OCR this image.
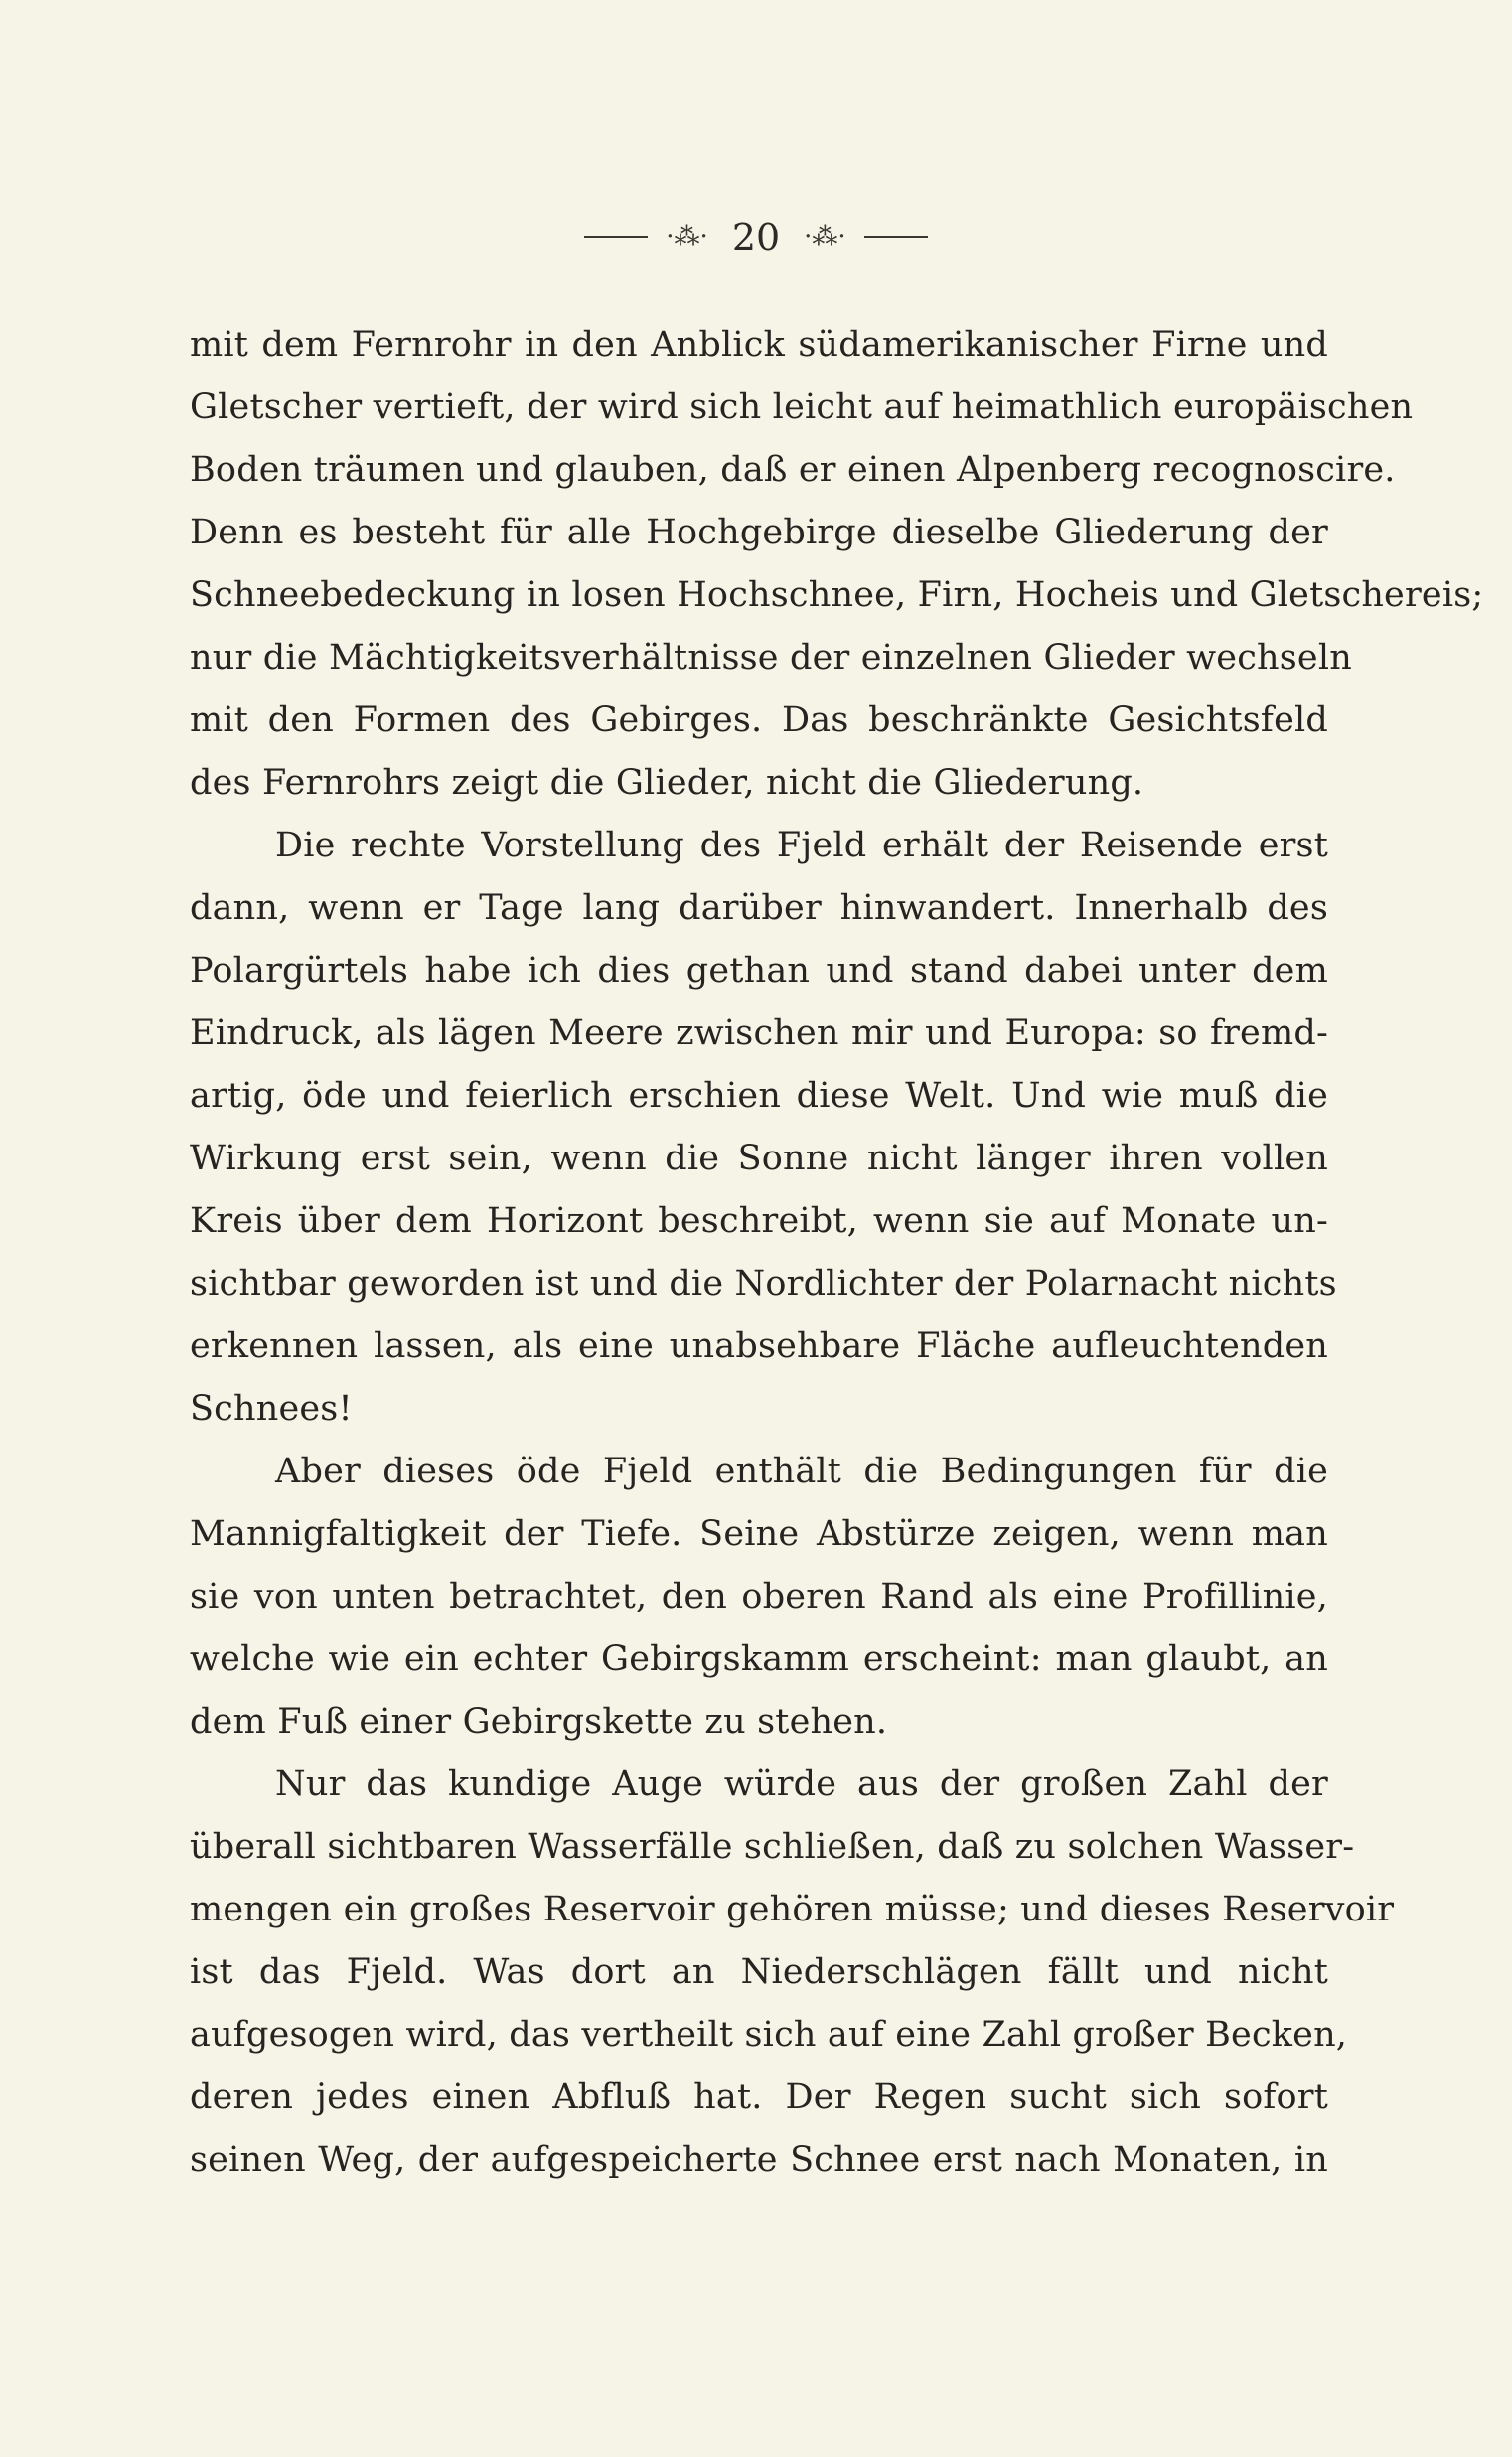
·⁂· 20 ·⁂·
mit dem Fernrohr in den Anblick südamerikanischer Firne und
Gletscher vertieft, der wird sich leicht auf heimathlich europäischen
Boden träumen und glauben, daß er einen Alpenberg recognoscire.
Denn es besteht für alle Hochgebirge dieselbe Gliederung der
Schneebedeckung in losen Hochschnee, Firn, Hocheis und Gletschereis;
nur die Mächtigkeitsverhältnisse der einzelnen Glieder wechseln
mit den Formen des Gebirges. Das beschränkte Gesichtsfeld
des Fernrohrs zeigt die Glieder, nicht die Gliederung.
Die rechte Vorstellung des Fjeld erhält der Reisende erst
dann, wenn er Tage lang darüber hinwandert. Innerhalb des
Polargürtels habe ich dies gethan und stand dabei unter dem
Eindruck, als lägen Meere zwischen mir und Europa: so fremd-
artig, öde und feierlich erschien diese Welt. Und wie muß die
Wirkung erst sein, wenn die Sonne nicht länger ihren vollen
Kreis über dem Horizont beschreibt, wenn sie auf Monate un-
sichtbar geworden ist und die Nordlichter der Polarnacht nichts
erkennen lassen, als eine unabsehbare Fläche aufleuchtenden
Schnees!
Aber dieses öde Fjeld enthält die Bedingungen für die
Mannigfaltigkeit der Tiefe. Seine Abstürze zeigen, wenn man
sie von unten betrachtet, den oberen Rand als eine Profillinie,
welche wie ein echter Gebirgskamm erscheint: man glaubt, an
dem Fuß einer Gebirgskette zu stehen.
Nur das kundige Auge würde aus der großen Zahl der
überall sichtbaren Wasserfälle schließen, daß zu solchen Wasser-
mengen ein großes Reservoir gehören müsse; und dieses Reservoir
ist das Fjeld. Was dort an Niederschlägen fällt und nicht
aufgesogen wird, das vertheilt sich auf eine Zahl großer Becken,
deren jedes einen Abfluß hat. Der Regen sucht sich sofort
seinen Weg, der aufgespeicherte Schnee erst nach Monaten, in
